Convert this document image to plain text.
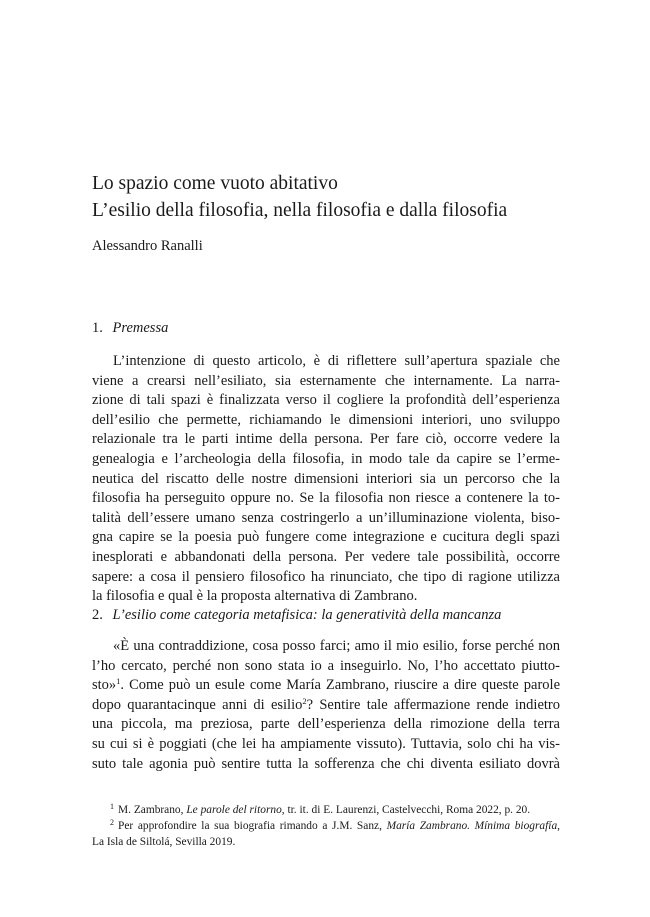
Lo spazio come vuoto abitativo
L’esilio della filosofia, nella filosofia e dalla filosofia
Alessandro Ranalli
1. Premessa
L’intenzione di questo articolo, è di riflettere sull’apertura spaziale che
viene a crearsi nell’esiliato, sia esternamente che internamente. La narra-
zione di tali spazi è finalizzata verso il cogliere la profondità dell’esperienza
dell’esilio che permette, richiamando le dimensioni interiori, uno sviluppo
relazionale tra le parti intime della persona. Per fare ciò, occorre vedere la
genealogia e l’archeologia della filosofia, in modo tale da capire se l’erme-
neutica del riscatto delle nostre dimensioni interiori sia un percorso che la
filosofia ha perseguito oppure no. Se la filosofia non riesce a contenere la to-
talità dell’essere umano senza costringerlo a un’illuminazione violenta, biso-
gna capire se la poesia può fungere come integrazione e cucitura degli spazi
inesplorati e abbandonati della persona. Per vedere tale possibilità, occorre
sapere: a cosa il pensiero filosofico ha rinunciato, che tipo di ragione utilizza
la filosofia e qual è la proposta alternativa di Zambrano.
2. L’esilio come categoria metafisica: la generatività della mancanza
«È una contraddizione, cosa posso farci; amo il mio esilio, forse perché non
l’ho cercato, perché non sono stata io a inseguirlo. No, l’ho accettato piutto-
sto»$^1$. Come può un esule come María Zambrano, riuscire a dire queste parole
dopo quarantacinque anni di esilio$^2$? Sentire tale affermazione rende indietro
una piccola, ma preziosa, parte dell’esperienza della rimozione della terra
su cui si è poggiati (che lei ha ampiamente vissuto). Tuttavia, solo chi ha vis-
suto tale agonia può sentire tutta la sofferenza che chi diventa esiliato dovrà
$^1$ M. Zambrano, Le parole del ritorno, tr. it. di E. Laurenzi, Castelvecchi, Roma 2022, p. 20.
$^2$ Per approfondire la sua biografia rimando a J.M. Sanz, María Zambrano. Mínima biografía,
La Isla de Siltolá, Sevilla 2019.
